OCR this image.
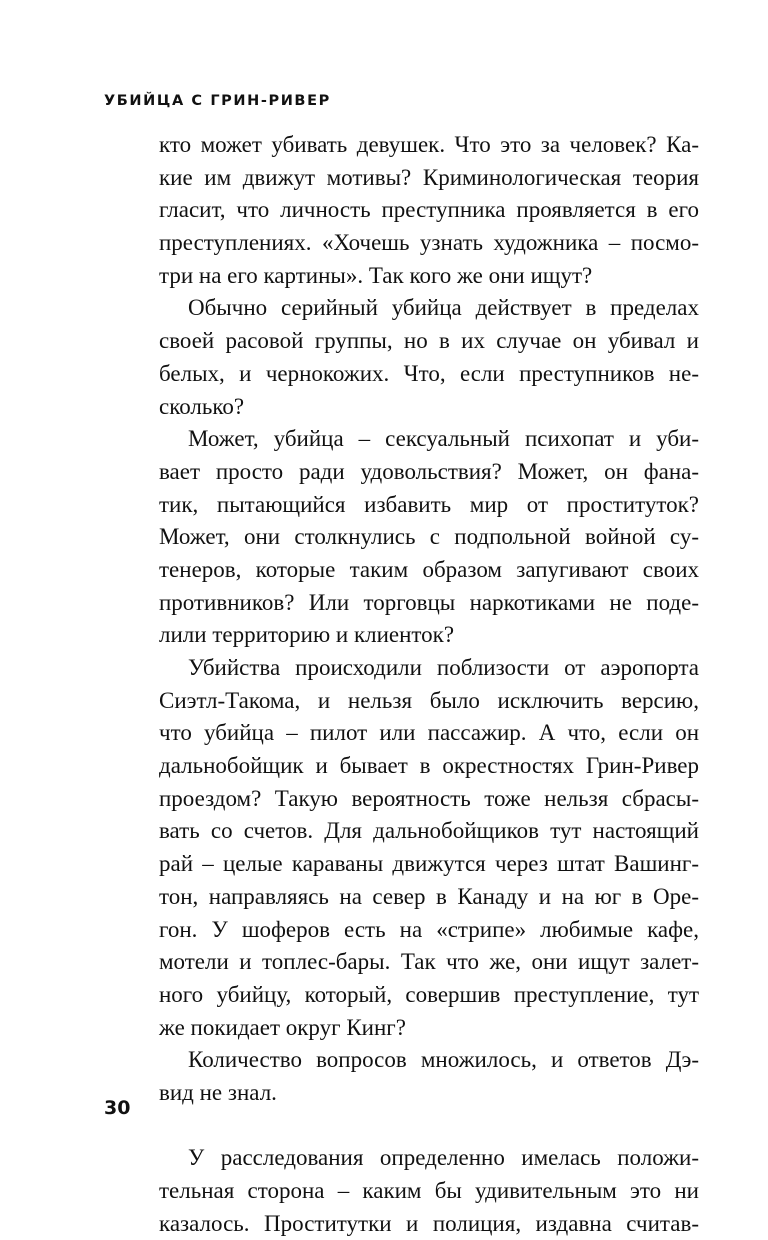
УБИЙЦА С ГРИН-РИВЕР
кто может убивать девушек. Что это за человек? Ка-
кие им движут мотивы? Криминологическая теория
гласит, что личность преступника проявляется в его
преступлениях. «Хочешь узнать художника – посмо-
три на его картины». Так кого же они ищут?
Обычно серийный убийца действует в пределах
своей расовой группы, но в их случае он убивал и
белых, и чернокожих. Что, если преступников не-
сколько?
Может, убийца – сексуальный психопат и уби-
вает просто ради удовольствия? Может, он фана-
тик, пытающийся избавить мир от проституток?
Может, они столкнулись с подпольной войной су-
тенеров, которые таким образом запугивают своих
противников? Или торговцы наркотиками не поде-
лили территорию и клиенток?
Убийства происходили поблизости от аэропорта
Сиэтл-Такома, и нельзя было исключить версию,
что убийца – пилот или пассажир. А что, если он
дальнобойщик и бывает в окрестностях Грин-Ривер
проездом? Такую вероятность тоже нельзя сбрасы-
вать со счетов. Для дальнобойщиков тут настоящий
рай – целые караваны движутся через штат Вашинг-
тон, направляясь на север в Канаду и на юг в Оре-
гон. У шоферов есть на «стрипе» любимые кафе,
мотели и топлес-бары. Так что же, они ищут залет-
ного убийцу, который, совершив преступление, тут
же покидает округ Кинг?
Количество вопросов множилось, и ответов Дэ-
вид не знал.
У расследования определенно имелась положи-
тельная сторона – каким бы удивительным это ни
казалось. Проститутки и полиция, издавна считав-
30
